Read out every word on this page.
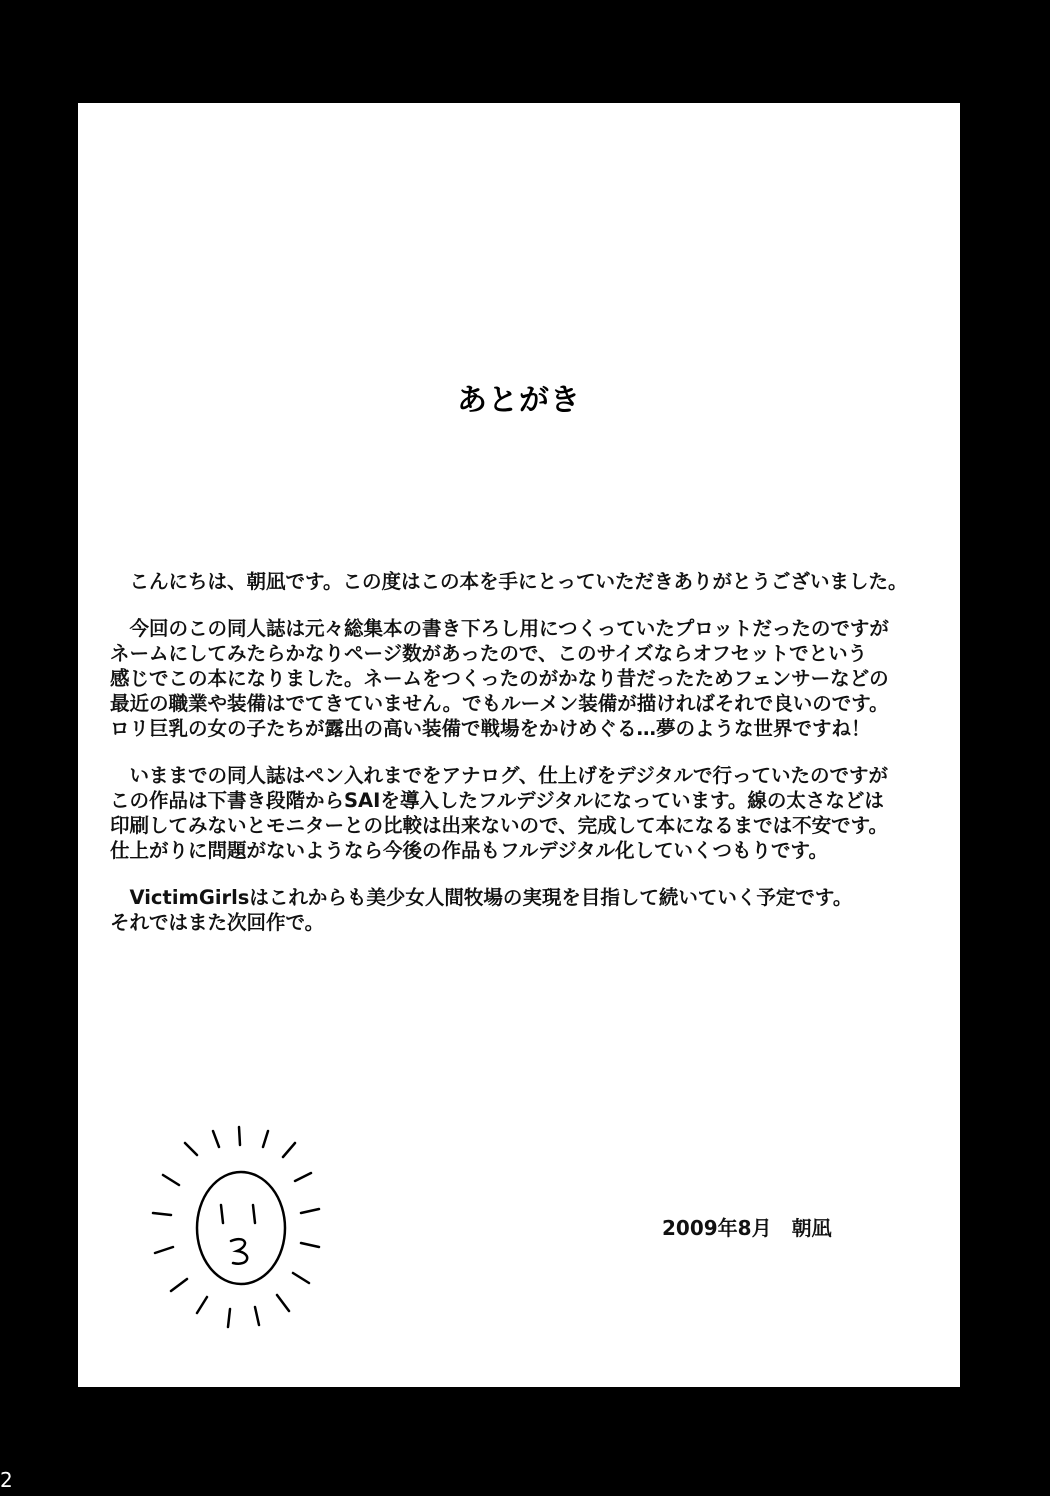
あとがき
　こんにちは、朝凪です。この度はこの本を手にとっていただきありがとうございました。
　今回のこの同人誌は元々総集本の書き下ろし用につくっていたプロットだったのですが
ネームにしてみたらかなりページ数があったので、このサイズならオフセットでという
感じでこの本になりました。ネームをつくったのがかなり昔だったためフェンサーなどの
最近の職業や装備はでてきていません。でもルーメン装備が描ければそれで良いのです。
ロリ巨乳の女の子たちが露出の高い装備で戦場をかけめぐる…夢のような世界ですね！
　いままでの同人誌はペン入れまでをアナログ、仕上げをデジタルで行っていたのですが
この作品は下書き段階からSAIを導入したフルデジタルになっています。線の太さなどは
印刷してみないとモニターとの比較は出来ないので、完成して本になるまでは不安です。
仕上がりに問題がないようなら今後の作品もフルデジタル化していくつもりです。
　VictimGirlsはこれからも美少女人間牧場の実現を目指して続いていく予定です。
それではまた次回作で。
2009年8月　朝凪
2
